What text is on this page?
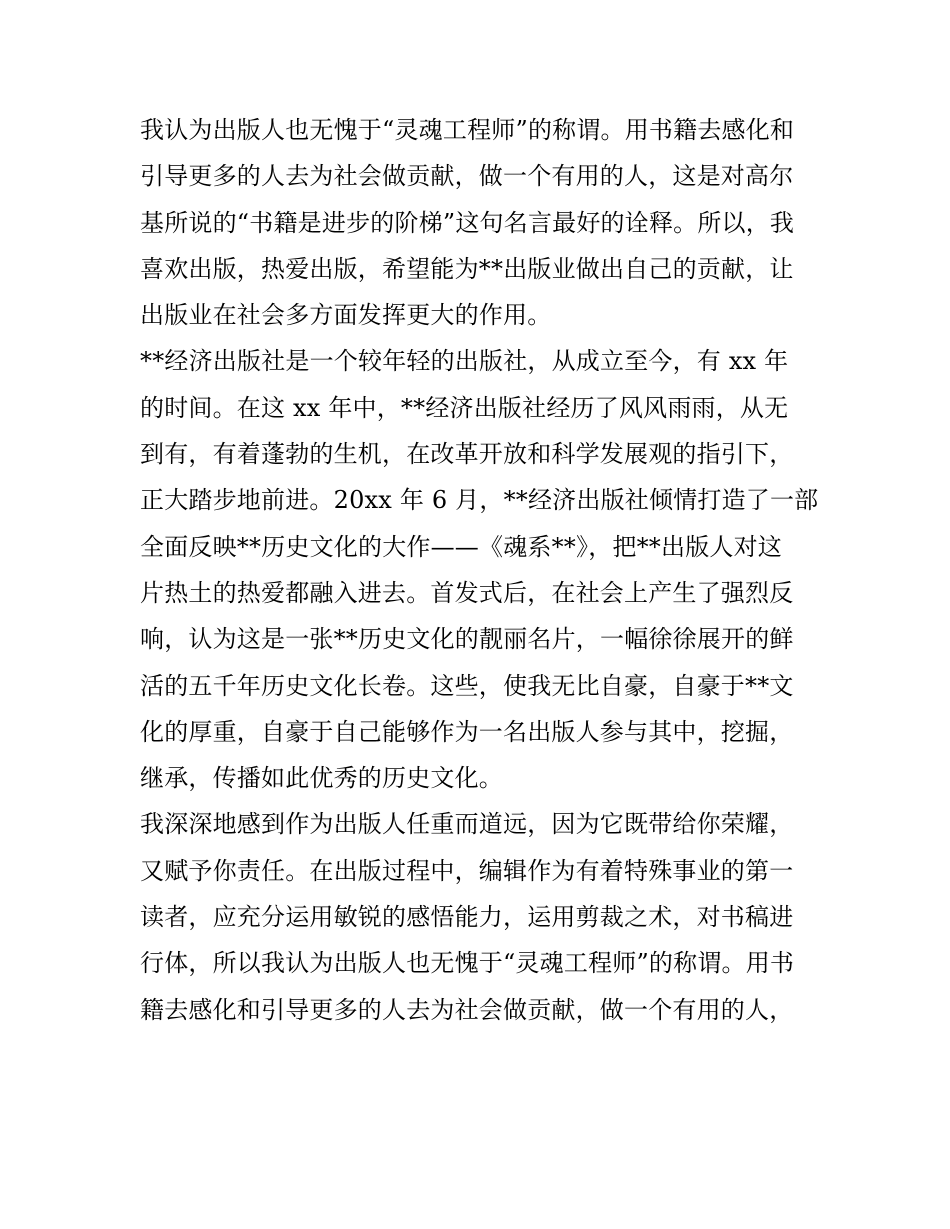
我认为出版人也无愧于“灵魂工程师”的称谓。用书籍去感化和
引导更多的人去为社会做贡献，做一个有用的人，这是对高尔
基所说的“书籍是进步的阶梯”这句名言最好的诠释。所以，我
喜欢出版，热爱出版，希望能为**出版业做出自己的贡献，让
出版业在社会多方面发挥更大的作用。
**经济出版社是一个较年轻的出版社，从成立至今，有 xx 年
的时间。在这 xx 年中，**经济出版社经历了风风雨雨，从无
到有，有着蓬勃的生机，在改革开放和科学发展观的指引下，
正大踏步地前进。20xx 年 6 月，**经济出版社倾情打造了一部
全面反映**历史文化的大作——《魂系**》，把**出版人对这
片热土的热爱都融入进去。首发式后，在社会上产生了强烈反
响，认为这是一张**历史文化的靓丽名片，一幅徐徐展开的鲜
活的五千年历史文化长卷。这些，使我无比自豪，自豪于**文
化的厚重，自豪于自己能够作为一名出版人参与其中，挖掘，
继承，传播如此优秀的历史文化。
我深深地感到作为出版人任重而道远，因为它既带给你荣耀，
又赋予你责任。在出版过程中，编辑作为有着特殊事业的第一
读者，应充分运用敏锐的感悟能力，运用剪裁之术，对书稿进
行体，所以我认为出版人也无愧于“灵魂工程师”的称谓。用书
籍去感化和引导更多的人去为社会做贡献，做一个有用的人，
